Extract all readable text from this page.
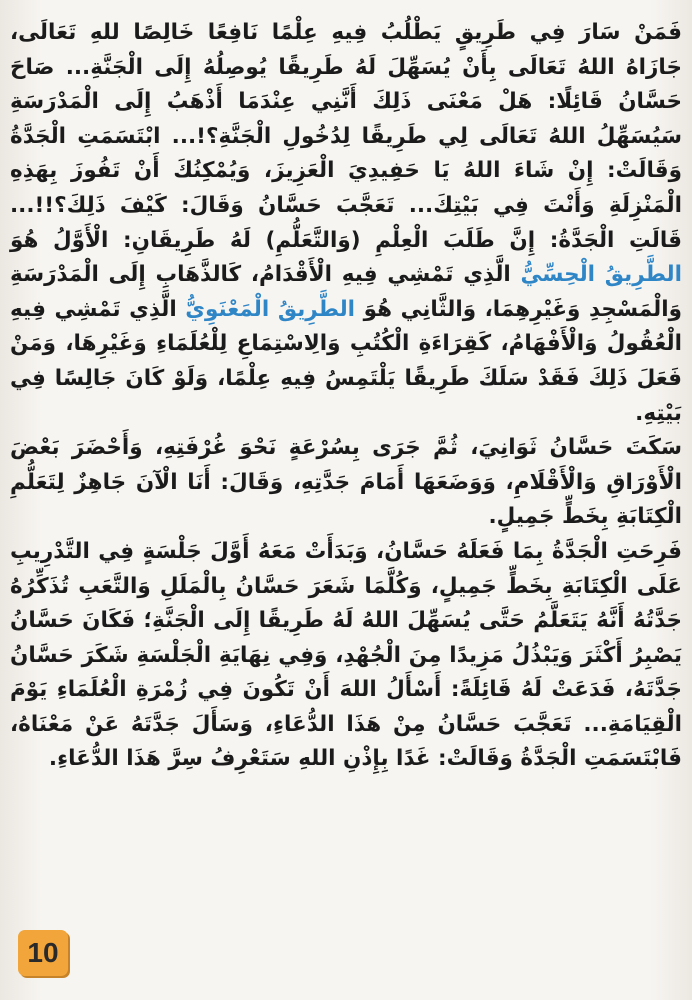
فَمَنْ سَارَ فِي طَرِيقٍ يَطْلُبُ فِيهِ عِلْمًا نَافِعًا خَالِصًا للهِ تَعَالَى، جَازَاهُ اللهُ تَعَالَى بِأَنْ يُسَهِّلَ لَهُ طَرِيقًا يُوصِلُهُ إِلَى الْجَنَّةِ... صَاحَ حَسَّانُ قَائِلًا: هَلْ مَعْنَى ذَلِكَ أَنَّنِي عِنْدَمَا أَذْهَبُ إِلَى الْمَدْرَسَةِ سَيُسَهِّلُ اللهُ تَعَالَى لِي طَرِيقًا لِدُخُولِ الْجَنَّةِ؟!... ابْتَسَمَتِ الْجَدَّةُ وَقَالَتْ: إِنْ شَاءَ اللهُ يَا حَفِيدِيَ الْعَزِيزَ، وَيُمْكِنُكَ أَنْ تَفُوزَ بِهَذِهِ الْمَنْزِلَةِ وَأَنْتَ فِي بَيْتِكَ... تَعَجَّبَ حَسَّانُ وَقَالَ: كَيْفَ ذَلِكَ؟!!... قَالَتِ الْجَدَّةُ: إِنَّ طَلَبَ الْعِلْمِ (وَالتَّعَلُّمِ) لَهُ طَرِيقَانِ: الْأَوَّلُ هُوَ الطَّرِيقُ الْحِسِّيُّ الَّذِي تَمْشِي فِيهِ الْأَقْدَامُ، كَالذَّهَابِ إِلَى الْمَدْرَسَةِ وَالْمَسْجِدِ وَغَيْرِهِمَا، وَالثَّانِي هُوَ الطَّرِيقُ الْمَعْنَوِيُّ الَّذِي تَمْشِي فِيهِ الْعُقُولُ وَالْأَفْهَامُ، كَقِرَاءَةِ الْكُتُبِ وَالِاسْتِمَاعِ لِلْعُلَمَاءِ وَغَيْرِهَا، وَمَنْ فَعَلَ ذَلِكَ فَقَدْ سَلَكَ طَرِيقًا يَلْتَمِسُ فِيهِ عِلْمًا، وَلَوْ كَانَ جَالِسًا فِي بَيْتِهِ.

سَكَتَ حَسَّانُ ثَوَانِيَ، ثُمَّ جَرَى بِسُرْعَةٍ نَحْوَ غُرْفَتِهِ، وَأَحْضَرَ بَعْضَ الْأَوْرَاقِ وَالْأَقْلَامِ، وَوَضَعَهَا أَمَامَ جَدَّتِهِ، وَقَالَ: أَنَا الْآنَ جَاهِزٌ لِتَعَلُّمِ الْكِتَابَةِ بِخَطٍّ جَمِيلٍ.

فَرِحَتِ الْجَدَّةُ بِمَا فَعَلَهُ حَسَّانُ، وَبَدَأَتْ مَعَهُ أَوَّلَ جَلْسَةٍ فِي التَّدْرِيبِ عَلَى الْكِتَابَةِ بِخَطٍّ جَمِيلٍ، وَكُلَّمَا شَعَرَ حَسَّانُ بِالْمَلَلِ وَالتَّعَبِ تُذَكِّرُهُ جَدَّتُهُ أَنَّهُ يَتَعَلَّمُ حَتَّى يُسَهِّلَ اللهُ لَهُ طَرِيقًا إِلَى الْجَنَّةِ؛ فَكَانَ حَسَّانُ يَصْبِرُ أَكْثَرَ وَيَبْذُلُ مَزِيدًا مِنَ الْجُهْدِ، وَفِي نِهَايَةِ الْجَلْسَةِ شَكَرَ حَسَّانُ جَدَّتَهُ، فَدَعَتْ لَهُ قَائِلَةً: أَسْأَلُ اللهَ أَنْ تَكُونَ فِي زُمْرَةِ الْعُلَمَاءِ يَوْمَ الْقِيَامَةِ... تَعَجَّبَ حَسَّانُ مِنْ هَذَا الدُّعَاءِ، وَسَأَلَ جَدَّتَهُ عَنْ مَعْنَاهُ، فَابْتَسَمَتِ الْجَدَّةُ وَقَالَتْ: غَدًا بِإِذْنِ اللهِ سَتَعْرِفُ سِرَّ هَذَا الدُّعَاءِ.

10
